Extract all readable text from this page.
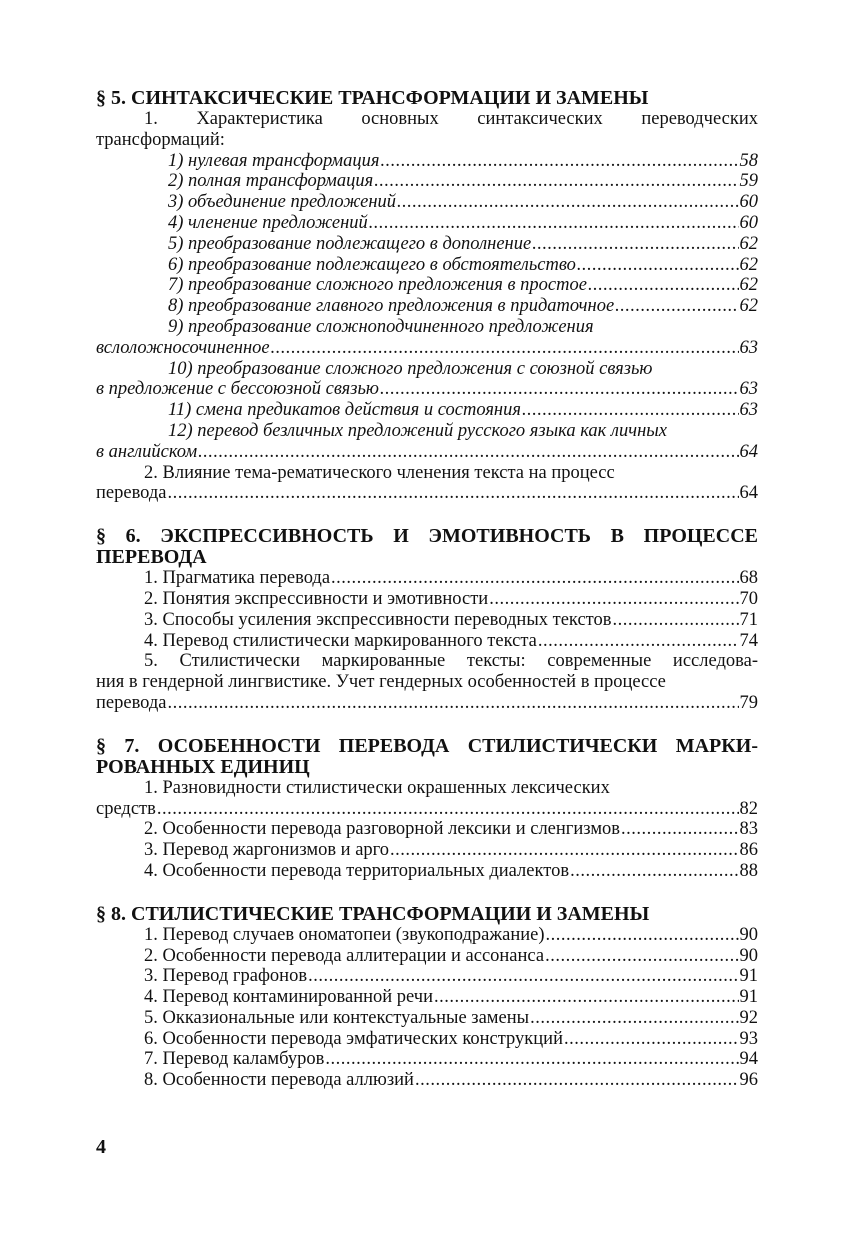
§ 5. СИНТАКСИЧЕСКИЕ ТРАНСФОРМАЦИИ И ЗАМЕНЫ
1. Характеристика основных синтаксических переводческих
трансформаций:
1) нулевая трансформация .....	58
2) полная трансформация .....	59
3) объединение предложений .....	60
4) членение предложений .....	60
5) преобразование подлежащего в дополнение .....	62
6) преобразование подлежащего в обстоятельство .....	62
7) преобразование сложного предложения в простое .....	62
8) преобразование главного предложения в придаточное .....	62
9) преобразование сложноподчиненного предложения
вслоложносочиненное .....	63
10) преобразование сложного предложения с союзной связью
в предложение с бессоюзной связью .....	63
11) смена предикатов действия и состояния .....	63
12) перевод безличных предложений русского языка как личных
в английском .....	64
2. Влияние тема-рематического членения текста на процесс
перевода .....	64
§ 6. ЭКСПРЕССИВНОСТЬ И ЭМОТИВНОСТЬ В ПРОЦЕССЕ
ПЕРЕВОДА
1. Прагматика перевода .....	68
2. Понятия экспрессивности и эмотивности .....	70
3. Способы усиления экспрессивности переводных текстов .....	71
4. Перевод стилистически маркированного текста .....	74
5. Стилистически маркированные тексты: современные исследова-
ния в гендерной лингвистике. Учет гендерных особенностей в процессе
перевода .....	79
§ 7. ОСОБЕННОСТИ ПЕРЕВОДА СТИЛИСТИЧЕСКИ МАРКИ-
РОВАННЫХ ЕДИНИЦ
1. Разновидности стилистически окрашенных лексических
средств .....	82
2. Особенности перевода разговорной лексики и сленгизмов .....	83
3. Перевод жаргонизмов и арго .....	86
4. Особенности перевода территориальных диалектов .....	88
§ 8. СТИЛИСТИЧЕСКИЕ ТРАНСФОРМАЦИИ И ЗАМЕНЫ
1. Перевод случаев ономатопеи (звукоподражание) .....	90
2. Особенности перевода аллитерации и ассонанса .....	90
3. Перевод графонов .....	91
4. Перевод контаминированной речи .....	91
5. Окказиональные или контекстуальные замены .....	92
6. Особенности перевода эмфатических конструкций .....	93
7. Перевод каламбуров .....	94
8. Особенности перевода аллюзий .....	96
4
